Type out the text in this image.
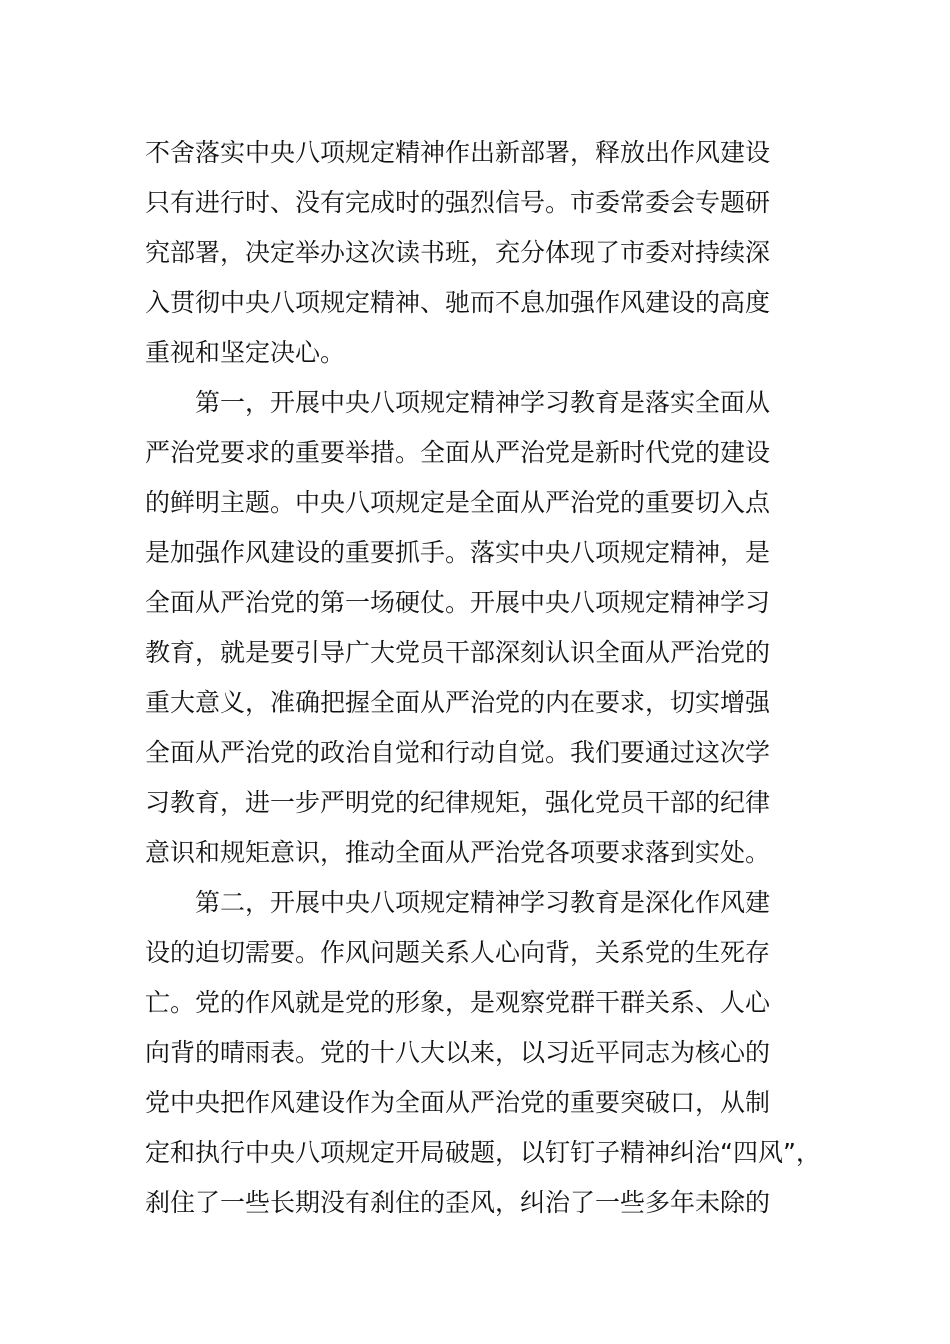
不舍落实中央八项规定精神作出新部署，释放出作风建设
只有进行时、没有完成时的强烈信号。市委常委会专题研
究部署，决定举办这次读书班，充分体现了市委对持续深
入贯彻中央八项规定精神、驰而不息加强作风建设的高度
重视和坚定决心。
第一，开展中央八项规定精神学习教育是落实全面从
严治党要求的重要举措。全面从严治党是新时代党的建设
的鲜明主题。中央八项规定是全面从严治党的重要切入点
是加强作风建设的重要抓手。落实中央八项规定精神，是
全面从严治党的第一场硬仗。开展中央八项规定精神学习
教育，就是要引导广大党员干部深刻认识全面从严治党的
重大意义，准确把握全面从严治党的内在要求，切实增强
全面从严治党的政治自觉和行动自觉。我们要通过这次学
习教育，进一步严明党的纪律规矩，强化党员干部的纪律
意识和规矩意识，推动全面从严治党各项要求落到实处。
第二，开展中央八项规定精神学习教育是深化作风建
设的迫切需要。作风问题关系人心向背，关系党的生死存
亡。党的作风就是党的形象，是观察党群干群关系、人心
向背的晴雨表。党的十八大以来，以习近平同志为核心的
党中央把作风建设作为全面从严治党的重要突破口，从制
定和执行中央八项规定开局破题，以钉钉子精神纠治“四风”，
刹住了一些长期没有刹住的歪风，纠治了一些多年未除的
